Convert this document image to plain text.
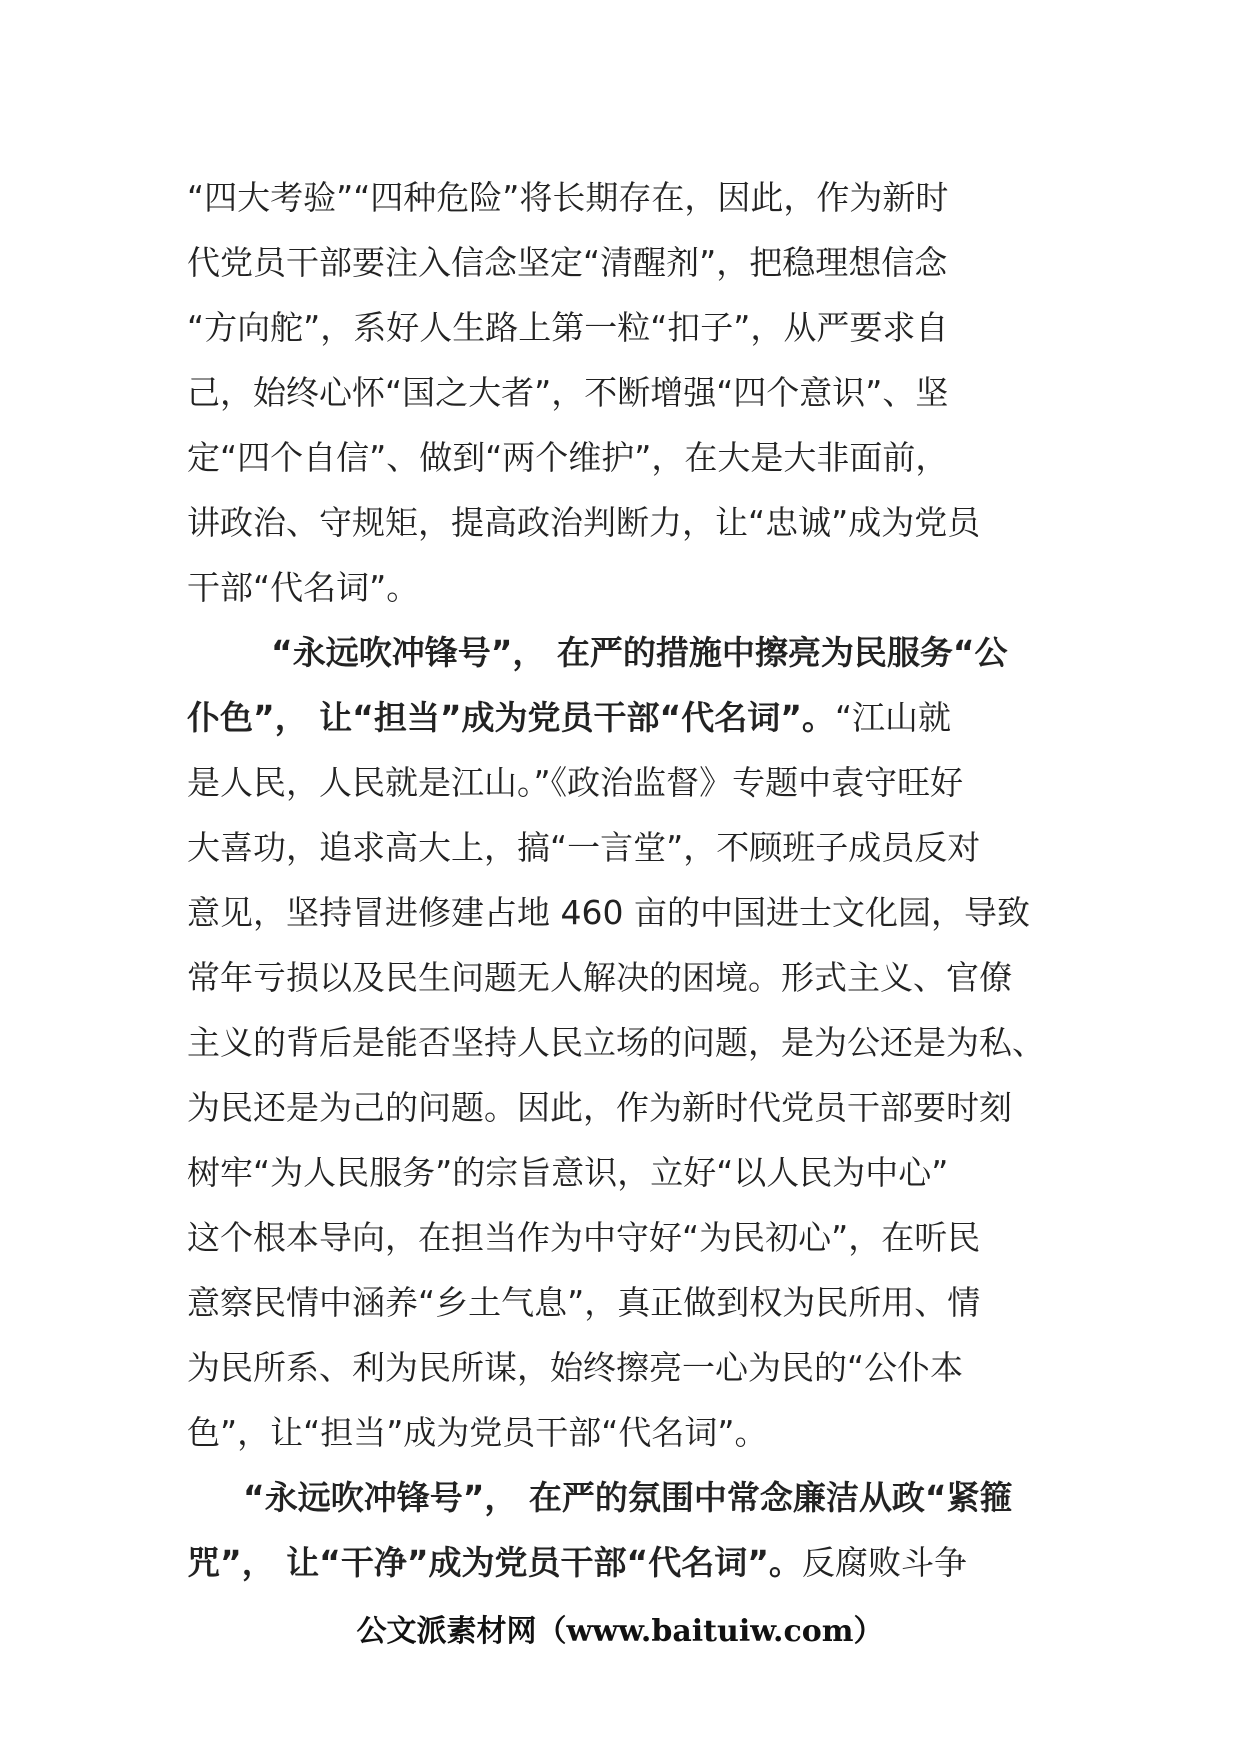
“四大考验”“四种危险”将长期存在，因此，作为新时
代党员干部要注入信念坚定“清醒剂”，把稳理想信念
“方向舵”，系好人生路上第一粒“扣子”，从严要求自
己，始终心怀“国之大者”，不断增强“四个意识”、坚
定“四个自信”、做到“两个维护”，在大是大非面前，
讲政治、守规矩，提高政治判断力，让“忠诚”成为党员
干部“代名词”。

“永远吹冲锋号”， 在严的措施中擦亮为民服务“公
仆色”， 让“担当”成为党员干部“代名词”。“江山就
是人民，人民就是江山。”《政治监督》专题中袁守旺好
大喜功，追求高大上，搞“一言堂”，不顾班子成员反对
意见，坚持冒进修建占地 460 亩的中国进士文化园，导致
常年亏损以及民生问题无人解决的困境。形式主义、官僚
主义的背后是能否坚持人民立场的问题，是为公还是为私、
为民还是为己的问题。因此，作为新时代党员干部要时刻
树牢“为人民服务”的宗旨意识，立好“以人民为中心”
这个根本导向，在担当作为中守好“为民初心”，在听民
意察民情中涵养“乡土气息”，真正做到权为民所用、情
为民所系、利为民所谋，始终擦亮一心为民的“公仆本
色”，让“担当”成为党员干部“代名词”。

“永远吹冲锋号”， 在严的氛围中常念廉洁从政“紧箍
咒”， 让“干净”成为党员干部“代名词”。反腐败斗争

公文派素材网（www.baituiw.com）
